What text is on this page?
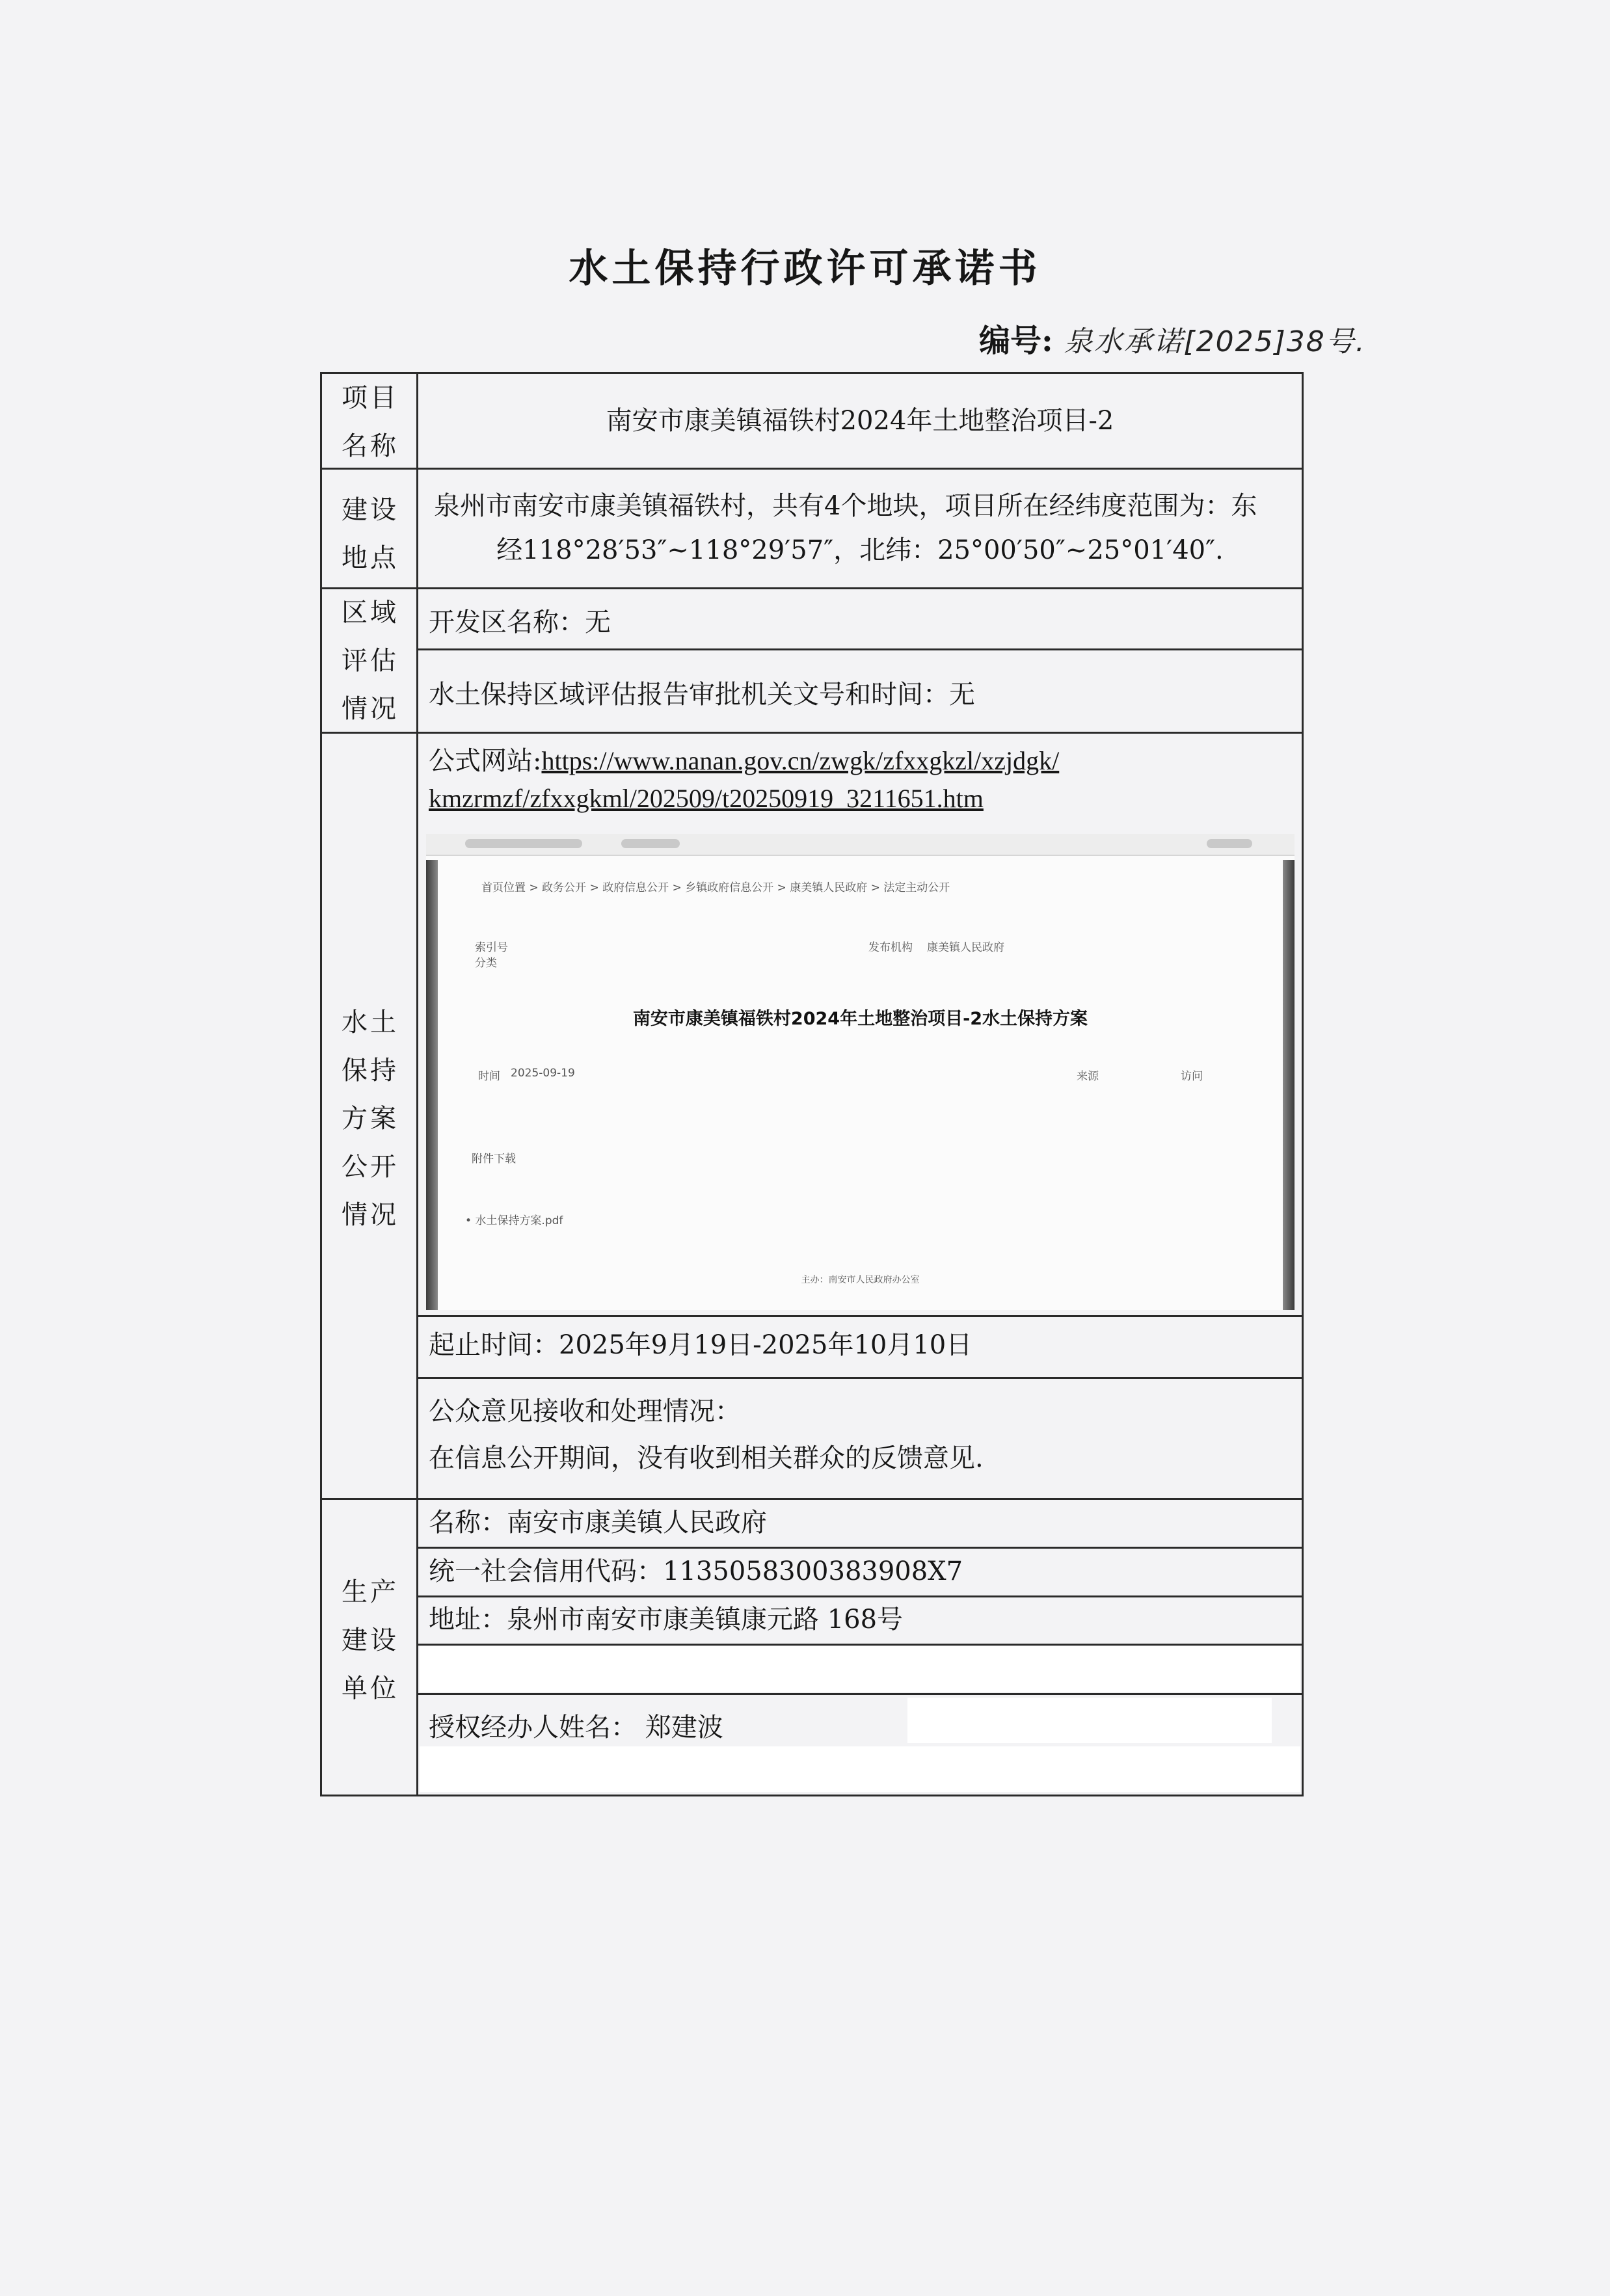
水土保持行政许可承诺书
编号: 泉水承诺[2025]38号.
项目
名称
南安市康美镇福铁村2024年土地整治项目-2
建设
地点
泉州市南安市康美镇福铁村，共有4个地块，项目所在经纬度范围为：东
经118°28′53″~118°29′57″，北纬：25°00′50″~25°01′40″.
区域
评估
情况
开发区名称：无
水土保持区域评估报告审批机关文号和时间：无
水土
保持
方案
公开
情况
公式网站:https://www.nanan.gov.cn/zwgk/zfxxgkzl/xzjdgk/
kmzrmzf/zfxxgkml/202509/t20250919_3211651.htm
首页位置 > 政务公开 > 政府信息公开 > 乡镇政府信息公开 > 康美镇人民政府 > 法定主动公开
索引号
分类
发布机构 康美镇人民政府
南安市康美镇福铁村2024年土地整治项目-2水土保持方案
时间 2025-09-19	来源	访问
附件下载
• 水土保持方案.pdf
主办：南安市人民政府办公室
起止时间：2025年9月19日-2025年10月10日
公众意见接收和处理情况：
在信息公开期间，没有收到相关群众的反馈意见.
生产
建设
单位
名称：南安市康美镇人民政府
统一社会信用代码：1135058300383908X7
地址：泉州市南安市康美镇康元路 168号
授权经办人姓名： 郑建波
